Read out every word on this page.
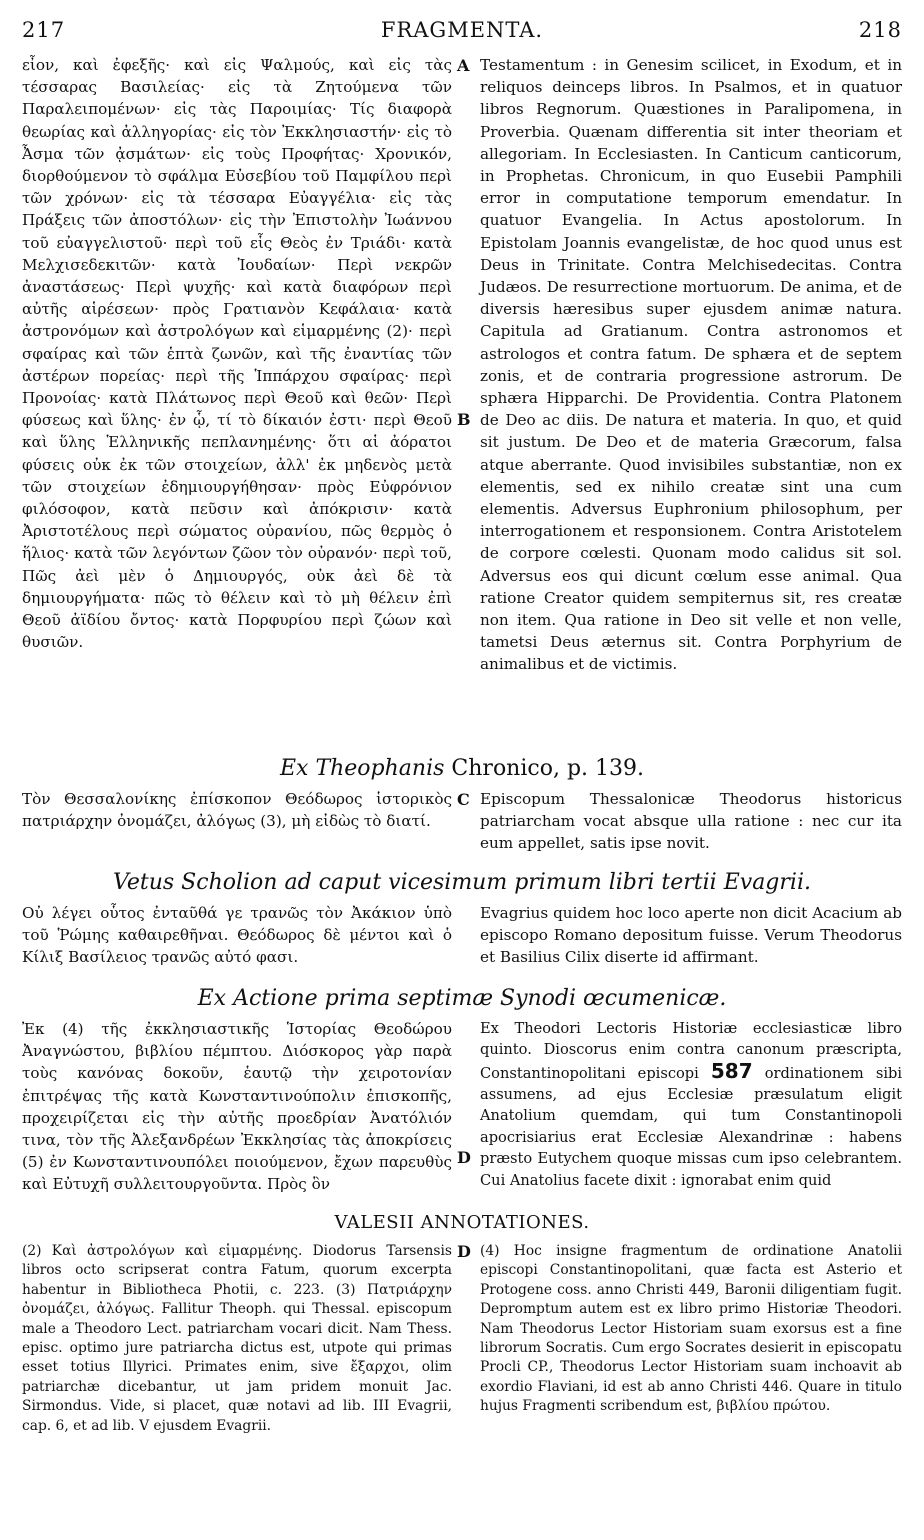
217	FRAGMENTA.	218
εἶον, καὶ ἐφεξῆς· καὶ εἰς Ψαλμούς, καὶ εἰς τὰς τέσσαρας Βασιλείας· εἰς τὰ Ζητούμενα τῶν Παραλειπομένων· εἰς τὰς Παροιμίας· Τίς διαφορὰ θεωρίας καὶ ἀλληγορίας· εἰς τὸν Ἐκκλησιαστήν· εἰς τὸ Ἆσμα τῶν ᾀσμάτων· εἰς τοὺς Προφήτας· Χρονικόν, διορθούμενον τὸ σφάλμα Εὐσεβίου τοῦ Παμφίλου περὶ τῶν χρόνων· εἰς τὰ τέσσαρα Εὐαγγέλια· εἰς τὰς Πράξεις τῶν ἀποστόλων· εἰς τὴν Ἐπιστολὴν Ἰωάννου τοῦ εὐαγγελιστοῦ· περὶ τοῦ εἷς Θεὸς ἐν Τριάδι· κατὰ Μελχισεδεκιτῶν· κατὰ Ἰουδαίων· Περὶ νεκρῶν ἀναστάσεως· Περὶ ψυχῆς· καὶ κατὰ διαφόρων περὶ αὐτῆς αἱρέσεων· πρὸς Γρατιανὸν Κεφάλαια· κατὰ ἀστρονόμων καὶ ἀστρολόγων καὶ εἱμαρμένης (2)· περὶ σφαίρας καὶ τῶν ἑπτὰ ζωνῶν, καὶ τῆς ἐναντίας τῶν ἀστέρων πορείας· περὶ τῆς Ἱππάρχου σφαίρας· περὶ Προνοίας· κατὰ Πλάτωνος περὶ Θεοῦ καὶ θεῶν· Περὶ φύσεως καὶ ὕλης· ἐν ᾧ, τί τὸ δίκαιόν ἐστι· περὶ Θεοῦ καὶ ὕλης Ἑλληνικῆς πεπλανημένης· ὅτι αἱ ἀόρατοι φύσεις οὐκ ἐκ τῶν στοιχείων, ἀλλ' ἐκ μηδενὸς μετὰ τῶν στοιχείων ἐδημιουργήθησαν· πρὸς Εὐφρόνιον φιλόσοφον, κατὰ πεῦσιν καὶ ἀπόκρισιν· κατὰ Ἀριστοτέλους περὶ σώματος οὐρανίου, πῶς θερμὸς ὁ ἥλιος· κατὰ τῶν λεγόντων ζῶον τὸν οὐρανόν· περὶ τοῦ, Πῶς ἀεὶ μὲν ὁ Δημιουργός, οὐκ ἀεὶ δὲ τὰ δημιουργήματα· πῶς τὸ θέλειν καὶ τὸ μὴ θέλειν ἐπὶ Θεοῦ ἀϊδίου ὄντος· κατὰ Πορφυρίου περὶ ζώων καὶ θυσιῶν.
A
B
Testamentum : in Genesim scilicet, in Exodum, et in reliquos deinceps libros. In Psalmos, et in quatuor libros Regnorum. Quæstiones in Paralipomena, in Proverbia. Quænam differentia sit inter theoriam et allegoriam. In Ecclesiasten. In Canticum canticorum, in Prophetas. Chronicum, in quo Eusebii Pamphili error in computatione temporum emendatur. In quatuor Evangelia. In Actus apostolorum. In Epistolam Joannis evangelistæ, de hoc quod unus est Deus in Trinitate. Contra Melchisedecitas. Contra Judæos. De resurrectione mortuorum. De anima, et de diversis hæresibus super ejusdem animæ natura. Capitula ad Gratianum. Contra astronomos et astrologos et contra fatum. De sphæra et de septem zonis, et de contraria progressione astrorum. De sphæra Hipparchi. De Providentia. Contra Platonem de Deo ac diis. De natura et materia. In quo, et quid sit justum. De Deo et de materia Græcorum, falsa atque aberrante. Quod invisibiles substantiæ, non ex elementis, sed ex nihilo creatæ sint una cum elementis. Adversus Euphronium philosophum, per interrogationem et responsionem. Contra Aristotelem de corpore cœlesti. Quonam modo calidus sit sol. Adversus eos qui dicunt cœlum esse animal. Qua ratione Creator quidem sempiternus sit, res creatæ non item. Qua ratione in Deo sit velle et non velle, tametsi Deus æternus sit. Contra Porphyrium de animalibus et de victimis.
Ex Theophanis Chronico, p. 139.
Τὸν Θεσσαλονίκης ἐπίσκοπον Θεόδωρος ἱστορικὸς πατριάρχην ὀνομάζει, ἀλόγως (3), μὴ εἰδὼς τὸ διατί.
C Episcopum Thessalonicæ Theodorus historicus patriarcham vocat absque ulla ratione : nec cur ita eum appellet, satis ipse novit.
Vetus Scholion ad caput vicesimum primum libri tertii Evagrii.
Οὐ λέγει οὗτος ἐνταῦθά γε τρανῶς τὸν Ἀκάκιον ὑπὸ τοῦ Ῥώμης καθαιρεθῆναι. Θεόδωρος δὲ μέντοι καὶ ὁ Κίλιξ Βασίλειος τρανῶς αὐτό φασι.
Evagrius quidem hoc loco aperte non dicit Acacium ab episcopo Romano depositum fuisse. Verum Theodorus et Basilius Cilix diserte id affirmant.
Ex Actione prima septimæ Synodi œcumenicæ.
Ἐκ (4) τῆς ἐκκλησιαστικῆς Ἱστορίας Θεοδώρου Ἀναγνώστου, βιβλίου πέμπτου. Διόσκορος γὰρ παρὰ τοὺς κανόνας δοκοῦν, ἑαυτῷ τὴν χειροτονίαν ἐπιτρέψας τῆς κατὰ Κωνσταντινούπολιν ἐπισκοπῆς, προχειρίζεται εἰς τὴν αὐτῆς προεδρίαν Ἀνατόλιόν τινα, τὸν τῆς Ἀλεξανδρέων Ἐκκλησίας τὰς ἀποκρίσεις (5) ἐν Κωνσταντινουπόλει ποιούμενον, ἔχων παρευθὺς καὶ Εὐτυχῆ συλλειτουργοῦντα. Πρὸς ὃν
D
Ex Theodori Lectoris Historiæ ecclesiasticæ libro quinto. Dioscorus enim contra canonum præscripta, Constantinopolitani episcopi 587 ordinationem sibi assumens, ad ejus Ecclesiæ præsulatum eligit Anatolium quemdam, qui tum Constantinopoli apocrisiarius erat Ecclesiæ Alexandrinæ : habens præsto Eutychem quoque missas cum ipso celebrantem. Cui Anatolius facete dixit : ignorabat enim quid
VALESII ANNOTATIONES.
(2) Καὶ ἀστρολόγων καὶ εἱμαρμένης. Diodorus Tarsensis libros octo scripserat contra Fatum, quorum excerpta habentur in Bibliotheca Photii, c. 223. (3) Πατριάρχην ὀνομάζει, ἀλόγως. Fallitur Theoph. qui Thessal. episcopum male a Theodoro Lect. patriarcham vocari dicit. Nam Thess. episc. optimo jure patriarcha dictus est, utpote qui primas esset totius Illyrici. Primates enim, sive ἔξαρχοι, olim patriarchæ dicebantur, ut jam pridem monuit Jac. Sirmondus. Vide, si placet, quæ notavi ad lib. III Evagrii, cap. 6, et ad lib. V ejusdem Evagrii.
D (4) Hoc insigne fragmentum de ordinatione Anatolii episcopi Constantinopolitani, quæ facta est Asterio et Protogene coss. anno Christi 449, Baronii diligentiam fugit. Depromptum autem est ex libro primo Historiæ Theodori. Nam Theodorus Lector Historiam suam exorsus est a fine librorum Socratis. Cum ergo Socrates desierit in episcopatu Procli CP., Theodorus Lector Historiam suam inchoavit ab exordio Flaviani, id est ab anno Christi 446. Quare in titulo hujus Fragmenti scribendum est, βιβλίου πρώτου.
